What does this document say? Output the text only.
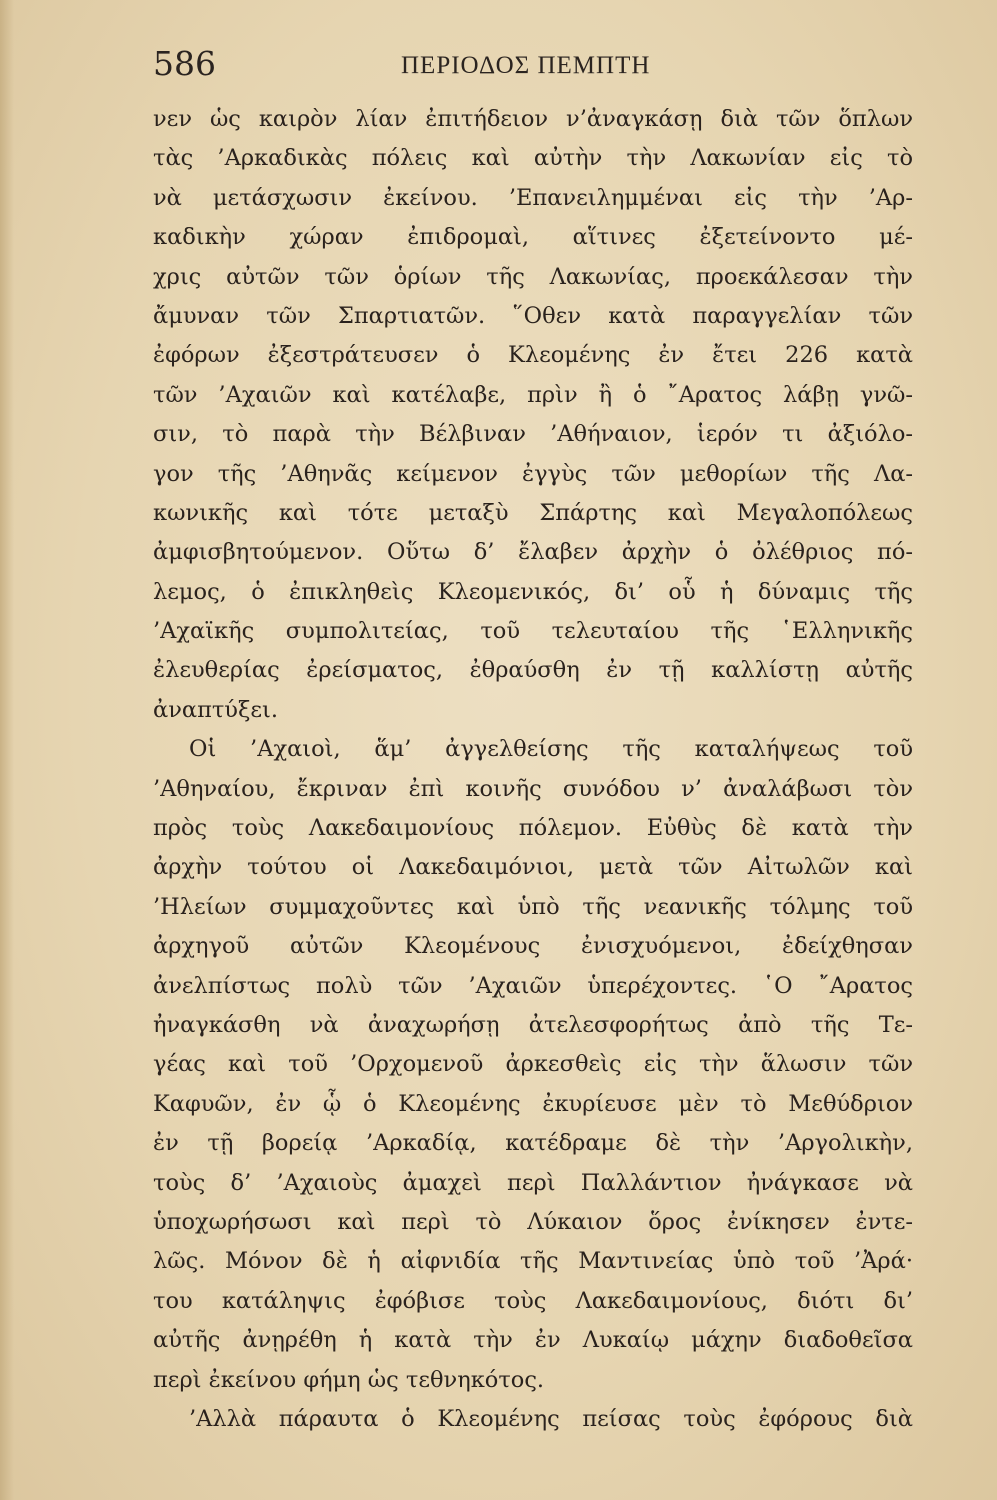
586	ΠΕΡΙΟΔΟΣ ΠΕΜΠΤΗ
νεν ὡς καιρὸν λίαν ἐπιτήδειον ν’ἀναγκάσῃ διὰ τῶν ὅπλων
τὰς ’Αρκαδικὰς πόλεις καὶ αὐτὴν τὴν Λακωνίαν εἰς τὸ
νὰ μετάσχωσιν ἐκείνου. ’Επανειλημμέναι εἰς τὴν ’Αρ-
καδικὴν χώραν ἐπιδρομαὶ, αἵτινες ἐξετείνοντο μέ-
χρις αὐτῶν τῶν ὁρίων τῆς Λακωνίας, προεκάλεσαν τὴν
ἄμυναν τῶν Σπαρτιατῶν. ῞Οθεν κατὰ παραγγελίαν τῶν
ἐφόρων ἐξεστράτευσεν ὁ Κλεομένης ἐν ἔτει 226 κατὰ
τῶν ’Αχαιῶν καὶ κατέλαβε, πρὶν ἢ ὁ ῎Αρατος λάβῃ γνῶ-
σιν, τὸ παρὰ τὴν Βέλβιναν ’Αθήναιον, ἱερόν τι ἀξιόλο-
γον τῆς ’Αθηνᾶς κείμενον ἐγγὺς τῶν μεθορίων τῆς Λα-
κωνικῆς καὶ τότε μεταξὺ Σπάρτης καὶ Μεγαλοπόλεως
ἀμφισβητούμενον. Οὕτω δ’ ἔλαβεν ἀρχὴν ὁ ὀλέθριος πό-
λεμος, ὁ ἐπικληθεὶς Κλεομενικός, δι’ οὗ ἡ δύναμις τῆς
’Αχαϊκῆς συμπολιτείας, τοῦ τελευταίου τῆς ῾Ελληνικῆς
ἐλευθερίας ἐρείσματος, ἐθραύσθη ἐν τῇ καλλίστῃ αὐτῆς
ἀναπτύξει.
Οἱ ’Αχαιοὶ, ἅμ’ ἀγγελθείσης τῆς καταλήψεως τοῦ
’Αθηναίου, ἔκριναν ἐπὶ κοινῆς συνόδου ν’ ἀναλάβωσι τὸν
πρὸς τοὺς Λακεδαιμονίους πόλεμον. Εὐθὺς δὲ κατὰ τὴν
ἀρχὴν τούτου οἱ Λακεδαιμόνιοι, μετὰ τῶν Αἰτωλῶν καὶ
’Ηλείων συμμαχοῦντες καὶ ὑπὸ τῆς νεανικῆς τόλμης τοῦ
ἀρχηγοῦ αὐτῶν Κλεομένους ἐνισχυόμενοι, ἐδείχθησαν
ἀνελπίστως πολὺ τῶν ’Αχαιῶν ὑπερέχοντες. ῾Ο ῎Αρατος
ἠναγκάσθη νὰ ἀναχωρήσῃ ἀτελεσφορήτως ἀπὸ τῆς Τε-
γέας καὶ τοῦ ’Ορχομενοῦ ἀρκεσθεὶς εἰς τὴν ἅλωσιν τῶν
Καφυῶν, ἐν ᾧ ὁ Κλεομένης ἐκυρίευσε μὲν τὸ Μεθύδριον
ἐν τῇ βορείᾳ ’Αρκαδίᾳ, κατέδραμε δὲ τὴν ’Αργολικὴν,
τοὺς δ’ ’Αχαιοὺς ἀμαχεὶ περὶ Παλλάντιον ἠνάγκασε νὰ
ὑποχωρήσωσι καὶ περὶ τὸ Λύκαιον ὅρος ἐνίκησεν ἐντε-
λῶς. Μόνον δὲ ἡ αἰφνιδία τῆς Μαντινείας ὑπὸ τοῦ ’Ἀρά·
του κατάληψις ἐφόβισε τοὺς Λακεδαιμονίους, διότι δι’
αὐτῆς ἀνῃρέθη ἡ κατὰ τὴν ἐν Λυκαίῳ μάχην διαδοθεῖσα
περὶ ἐκείνου φήμη ὡς τεθνηκότος.
’Αλλὰ πάραυτα ὁ Κλεομένης πείσας τοὺς ἐφόρους διὰ
